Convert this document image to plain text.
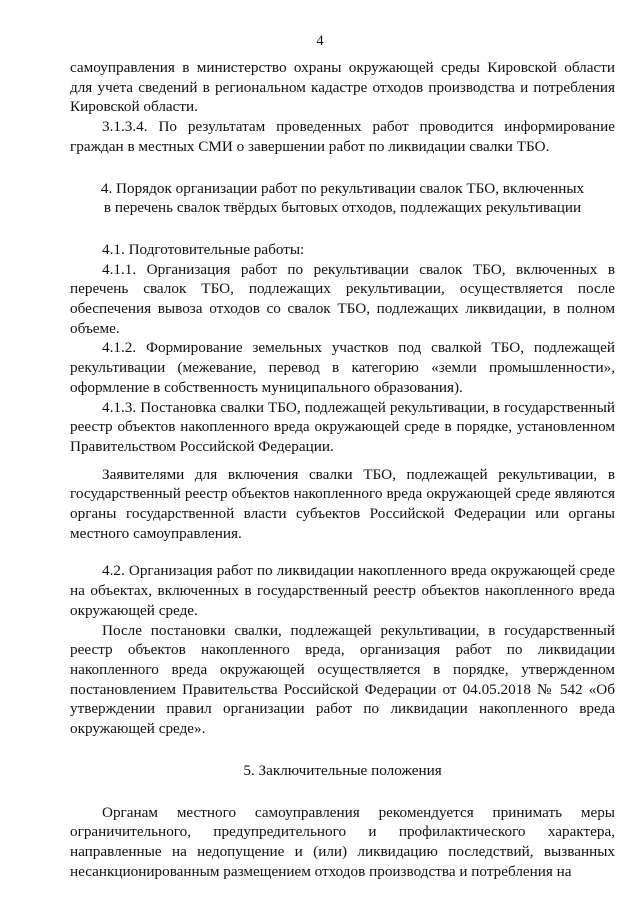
4

самоуправления в министерство охраны окружающей среды Кировской области для учета сведений в региональном кадастре отходов производства и потребления Кировской области.

3.1.3.4. По результатам проведенных работ проводится информирование граждан в местных СМИ о завершении работ по ликвидации свалки ТБО.

4. Порядок организации работ по рекультивации свалок ТБО, включенных

в перечень свалок твёрдых бытовых отходов, подлежащих рекультивации

4.1. Подготовительные работы:

4.1.1. Организация работ по рекультивации свалок ТБО, включенных в перечень свалок ТБО, подлежащих рекультивации, осуществляется после обеспечения вывоза отходов со свалок ТБО, подлежащих ликвидации, в полном объеме.

4.1.2. Формирование земельных участков под свалкой ТБО, подлежащей рекультивации (межевание, перевод в категорию «земли промышленности», оформление в собственность муниципального образования).

4.1.3. Постановка свалки ТБО, подлежащей рекультивации, в государственный реестр объектов накопленного вреда окружающей среде в порядке, установленном Правительством Российской Федерации.

Заявителями для включения свалки ТБО, подлежащей рекультивации, в государственный реестр объектов накопленного вреда окружающей среде являются органы государственной власти субъектов Российской Федерации или органы местного самоуправления.

4.2. Организация работ по ликвидации накопленного вреда окружающей среде на объектах, включенных в государственный реестр объектов накопленного вреда окружающей среде.

После постановки свалки, подлежащей рекультивации, в государственный реестр объектов накопленного вреда, организация работ по ликвидации накопленного вреда окружающей осуществляется в порядке, утвержденном постановлением Правительства Российской Федерации от 04.05.2018 № 542 «Об утверждении правил организации работ по ликвидации накопленного вреда окружающей среде».

5. Заключительные положения

Органам местного самоуправления рекомендуется принимать меры ограничительного, предупредительного и профилактического характера, направленные на недопущение и (или) ликвидацию последствий, вызванных несанкционированным размещением отходов производства и потребления на
